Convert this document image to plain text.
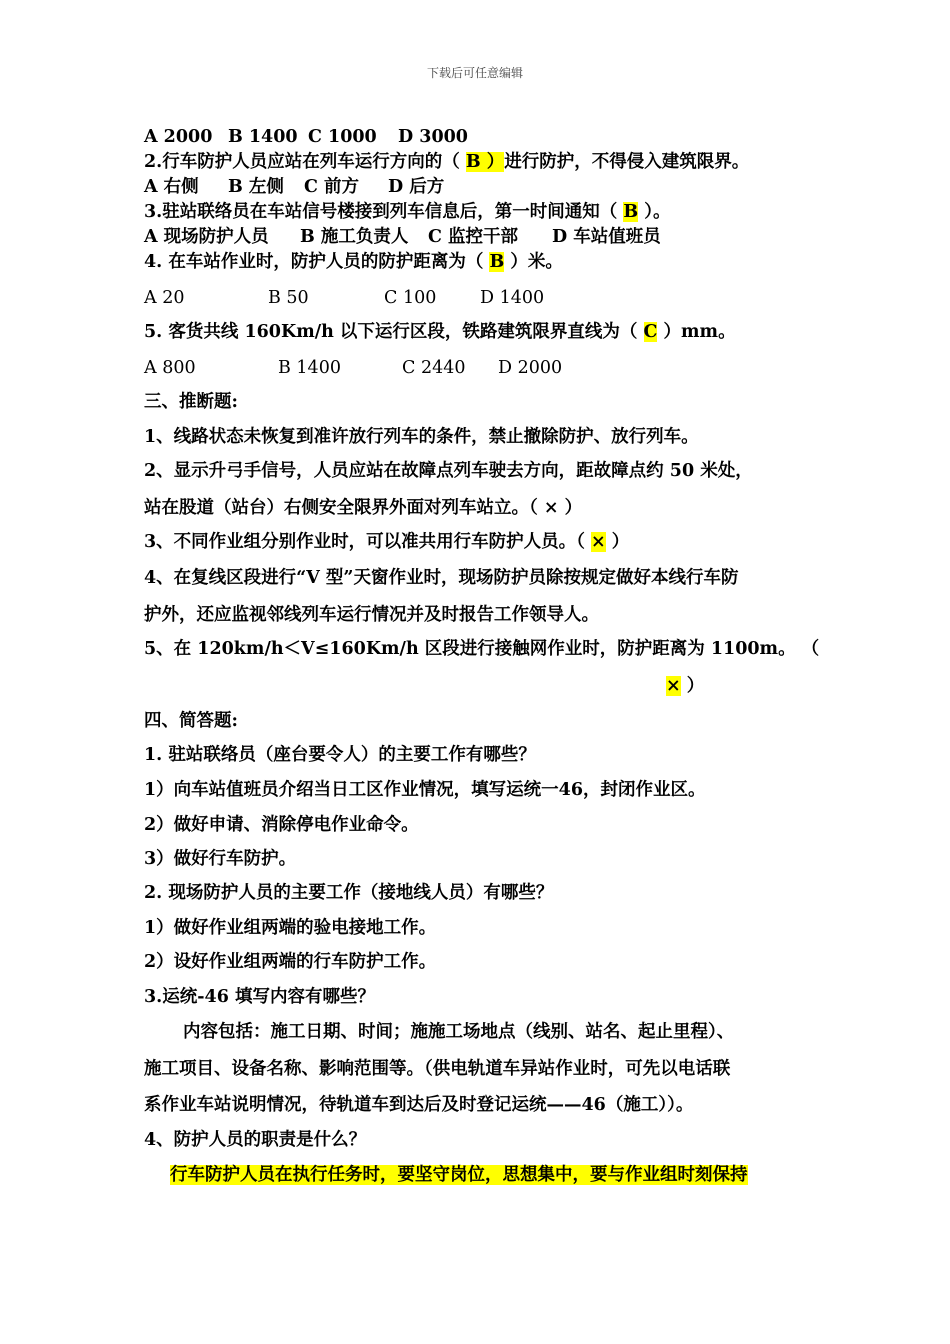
下载后可任意编辑
A 2000 B 1400 C 1000 D 3000
2.行车防护人员应站在列车运行方向的（ B ）进行防护，不得侵入建筑限界。
A 右侧 B 左侧 C 前方 D 后方
3.驻站联络员在车站信号楼接到列车信息后，第一时间通知（ B ）。
A 现场防护人员 B 施工负责人 C 监控干部 D 车站值班员
4. 在车站作业时，防护人员的防护距离为（ B ）米。
A 20	B 50	C 100 D 1400
5. 客货共线 160Km/h 以下运行区段，铁路建筑限界直线为（ C ）mm。
A 800	B 1400	C 2440 D 2000
三、推断题:
1、线路状态未恢复到准许放行列车的条件，禁止撤除防护、放行列车。
2、显示升弓手信号，人员应站在故障点列车驶去方向，距故障点约 50 米处，
站在股道（站台）右侧安全限界外面对列车站立。（ × ）
3、不同作业组分别作业时，可以准共用行车防护人员。（ × ）
4、在复线区段进行“V 型”天窗作业时，现场防护员除按规定做好本线行车防
护外，还应监视邻线列车运行情况并及时报告工作领导人。
5、在 120km/h＜V≤160Km/h 区段进行接触网作业时，防护距离为 1100m。 （
× ）
四、简答题:
1. 驻站联络员（座台要令人）的主要工作有哪些？
1）向车站值班员介绍当日工区作业情况，填写运统一46，封闭作业区。
2）做好申请、消除停电作业命令。
3）做好行车防护。
2. 现场防护人员的主要工作（接地线人员）有哪些？
1）做好作业组两端的验电接地工作。
2）设好作业组两端的行车防护工作。
3.运统-46 填写内容有哪些？
内容包括：施工日期、时间；施施工场地点（线别、站名、起止里程）、
施工项目、设备名称、影响范围等。（供电轨道车异站作业时，可先以电话联
系作业车站说明情况，待轨道车到达后及时登记运统——46（施工））。
4、防护人员的职责是什么？
行车防护人员在执行任务时，要坚守岗位，思想集中，要与作业组时刻保持
